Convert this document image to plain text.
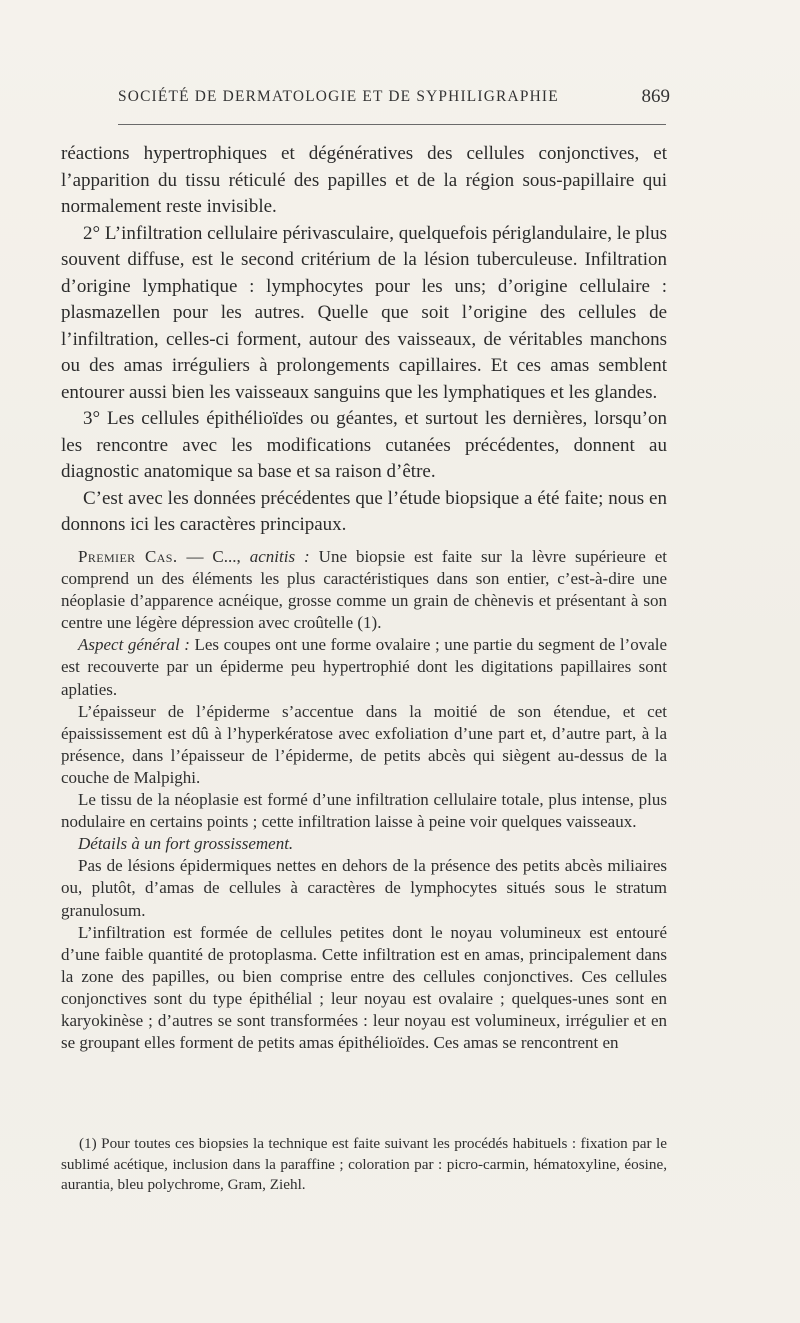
SOCIÉTÉ DE DERMATOLOGIE ET DE SYPHILIGRAPHIE	869

réactions hypertrophiques et dégénératives des cellules conjonctives, et l’apparition du tissu réticulé des papilles et de la région sous-papillaire qui normalement reste invisible.

2° L’infiltration cellulaire périvasculaire, quelquefois périglandulaire, le plus souvent diffuse, est le second critérium de la lésion tuberculeuse. Infiltration d’origine lymphatique : lymphocytes pour les uns; d’origine cellulaire : plasmazellen pour les autres. Quelle que soit l’origine des cellules de l’infiltration, celles-ci forment, autour des vaisseaux, de véritables manchons ou des amas irréguliers à prolongements capillaires. Et ces amas semblent entourer aussi bien les vaisseaux sanguins que les lymphatiques et les glandes.

3° Les cellules épithélioïdes ou géantes, et surtout les dernières, lorsqu’on les rencontre avec les modifications cutanées précédentes, donnent au diagnostic anatomique sa base et sa raison d’être.

C’est avec les données précédentes que l’étude biopsique a été faite; nous en donnons ici les caractères principaux.

Premier Cas. — C..., acnitis : Une biopsie est faite sur la lèvre supérieure et comprend un des éléments les plus caractéristiques dans son entier, c’est-à-dire une néoplasie d’apparence acnéique, grosse comme un grain de chènevis et présentant à son centre une légère dépression avec croûtelle (1).

Aspect général : Les coupes ont une forme ovalaire ; une partie du segment de l’ovale est recouverte par un épiderme peu hypertrophié dont les digitations papillaires sont aplaties.

L’épaisseur de l’épiderme s’accentue dans la moitié de son étendue, et cet épaississement est dû à l’hyperkératose avec exfoliation d’une part et, d’autre part, à la présence, dans l’épaisseur de l’épiderme, de petits abcès qui siègent au-dessus de la couche de Malpighi.

Le tissu de la néoplasie est formé d’une infiltration cellulaire totale, plus intense, plus nodulaire en certains points ; cette infiltration laisse à peine voir quelques vaisseaux.

Détails à un fort grossissement.

Pas de lésions épidermiques nettes en dehors de la présence des petits abcès miliaires ou, plutôt, d’amas de cellules à caractères de lymphocytes situés sous le stratum granulosum.

L’infiltration est formée de cellules petites dont le noyau volumineux est entouré d’une faible quantité de protoplasma. Cette infiltration est en amas, principalement dans la zone des papilles, ou bien comprise entre des cellules conjonctives. Ces cellules conjonctives sont du type épithélial ; leur noyau est ovalaire ; quelques-unes sont en karyokinèse ; d’autres se sont transformées : leur noyau est volumineux, irrégulier et en se groupant elles forment de petits amas épithélioïdes. Ces amas se rencontrent en

(1) Pour toutes ces biopsies la technique est faite suivant les procédés habituels : fixation par le sublimé acétique, inclusion dans la paraffine ; coloration par : picro-carmin, hématoxyline, éosine, aurantia, bleu polychrome, Gram, Ziehl.
